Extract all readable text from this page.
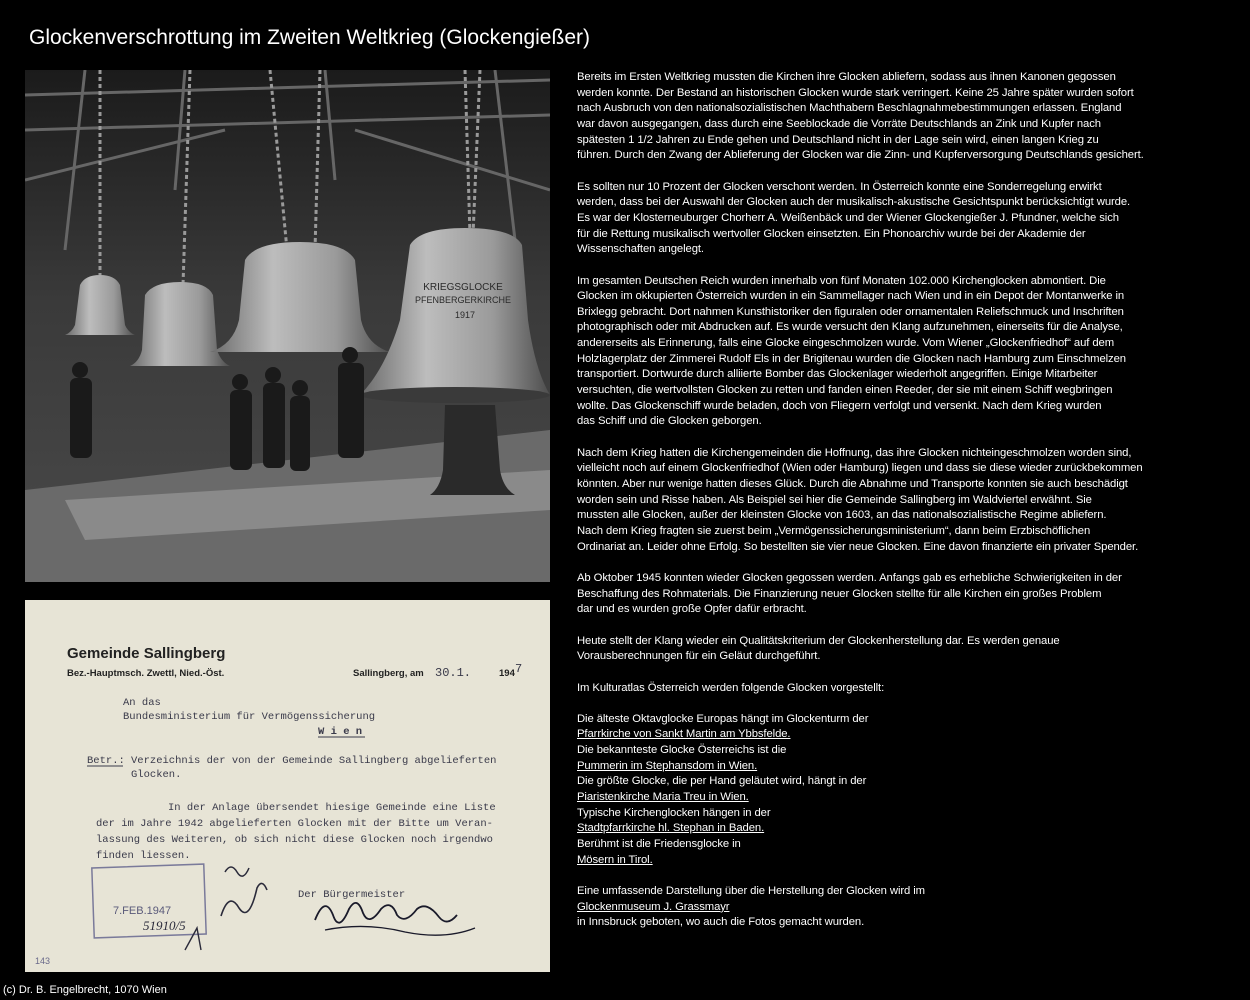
Glockenverschrottung im Zweiten Weltkrieg (Glockengießer)
KRIEGSGLOCKE
PFENBERGERKIRCHE
1917
Gemeinde Sallingberg
Bez.-Hauptmsch. Zwettl, Nied.-Öst.	Sallingberg, am 30.1.	194 7
An das
Bundesministerium für Vermögenssicherung
W i e n
Betr.: Verzeichnis der von der Gemeinde Sallingberg abgelieferten
Glocken.
In der Anlage übersendet hiesige Gemeinde eine Liste
der im Jahre 1942 abgelieferten Glocken mit der Bitte um Veran-
lassung des Weiteren, ob sich nicht diese Glocken noch irgendwo
finden liessen.
7.FEB.1947
51910/5
Der Bürgermeister
143

Bereits im Ersten Weltkrieg mussten die Kirchen ihre Glocken abliefern, sodass aus ihnen Kanonen gegossen
werden konnte. Der Bestand an historischen Glocken wurde stark verringert. Keine 25 Jahre später wurden sofort
nach Ausbruch von den nationalsozialistischen Machthabern Beschlagnahmebestimmungen erlassen. England
war davon ausgegangen, dass durch eine Seeblockade die Vorräte Deutschlands an Zink und Kupfer nach
spätesten 1 1/2 Jahren zu Ende gehen und Deutschland nicht in der Lage sein wird, einen langen Krieg zu
führen. Durch den Zwang der Ablieferung der Glocken war die Zinn- und Kupferversorgung Deutschlands gesichert.

Es sollten nur 10 Prozent der Glocken verschont werden. In Österreich konnte eine Sonderregelung erwirkt
werden, dass bei der Auswahl der Glocken auch der musikalisch-akustische Gesichtspunkt berücksichtigt wurde.
Es war der Klosterneuburger Chorherr A. Weißenbäck und der Wiener Glockengießer J. Pfundner, welche sich
für die Rettung musikalisch wertvoller Glocken einsetzten. Ein Phonoarchiv wurde bei der Akademie der
Wissenschaften angelegt.

Im gesamten Deutschen Reich wurden innerhalb von fünf Monaten 102.000 Kirchenglocken abmontiert. Die
Glocken im okkupierten Österreich wurden in ein Sammellager nach Wien und in ein Depot der Montanwerke in
Brixlegg gebracht. Dort nahmen Kunsthistoriker den figuralen oder ornamentalen Reliefschmuck und Inschriften
photographisch oder mit Abdrucken auf. Es wurde versucht den Klang aufzunehmen, einerseits für die Analyse,
andererseits als Erinnerung, falls eine Glocke eingeschmolzen wurde. Vom Wiener „Glockenfriedhof“ auf dem
Holzlagerplatz der Zimmerei Rudolf Els in der Brigitenau wurden die Glocken nach Hamburg zum Einschmelzen
transportiert. Dortwurde durch alliierte Bomber das Glockenlager wiederholt angegriffen. Einige Mitarbeiter
versuchten, die wertvollsten Glocken zu retten und fanden einen Reeder, der sie mit einem Schiff wegbringen
wollte. Das Glockenschiff wurde beladen, doch von Fliegern verfolgt und versenkt. Nach dem Krieg wurden
das Schiff und die Glocken geborgen.

Nach dem Krieg hatten die Kirchengemeinden die Hoffnung, das ihre Glocken nichteingeschmolzen worden sind,
vielleicht noch auf einem Glockenfriedhof (Wien oder Hamburg) liegen und dass sie diese wieder zurückbekommen
könnten. Aber nur wenige hatten dieses Glück. Durch die Abnahme und Transporte konnten sie auch beschädigt
worden sein und Risse haben. Als Beispiel sei hier die Gemeinde Sallingberg im Waldviertel erwähnt. Sie
mussten alle Glocken, außer der kleinsten Glocke von 1603, an das nationalsozialistische Regime abliefern.
Nach dem Krieg fragten sie zuerst beim „Vermögenssicherungsministerium“, dann beim Erzbischöflichen
Ordinariat an. Leider ohne Erfolg. So bestellten sie vier neue Glocken. Eine davon finanzierte ein privater Spender.

Ab Oktober 1945 konnten wieder Glocken gegossen werden. Anfangs gab es erhebliche Schwierigkeiten in der
Beschaffung des Rohmaterials. Die Finanzierung neuer Glocken stellte für alle Kirchen ein großes Problem
dar und es wurden große Opfer dafür erbracht.

Heute stellt der Klang wieder ein Qualitätskriterium der Glockenherstellung dar. Es werden genaue
Vorausberechnungen für ein Geläut durchgeführt.

Im Kulturatlas Österreich werden folgende Glocken vorgestellt:

Die älteste Oktavglocke Europas hängt im Glockenturm der
Pfarrkirche von Sankt Martin am Ybbsfelde.
Die bekannteste Glocke Österreichs ist die
Pummerin im Stephansdom in Wien.
Die größte Glocke, die per Hand geläutet wird, hängt in der
Piaristenkirche Maria Treu in Wien.
Typische Kirchenglocken hängen in der
Stadtpfarrkirche hl. Stephan in Baden.
Berühmt ist die Friedensglocke in
Mösern in Tirol.

Eine umfassende Darstellung über die Herstellung der Glocken wird im
Glockenmuseum J. Grassmayr
in Innsbruck geboten, wo auch die Fotos gemacht wurden.

(c) Dr. B. Engelbrecht, 1070 Wien
